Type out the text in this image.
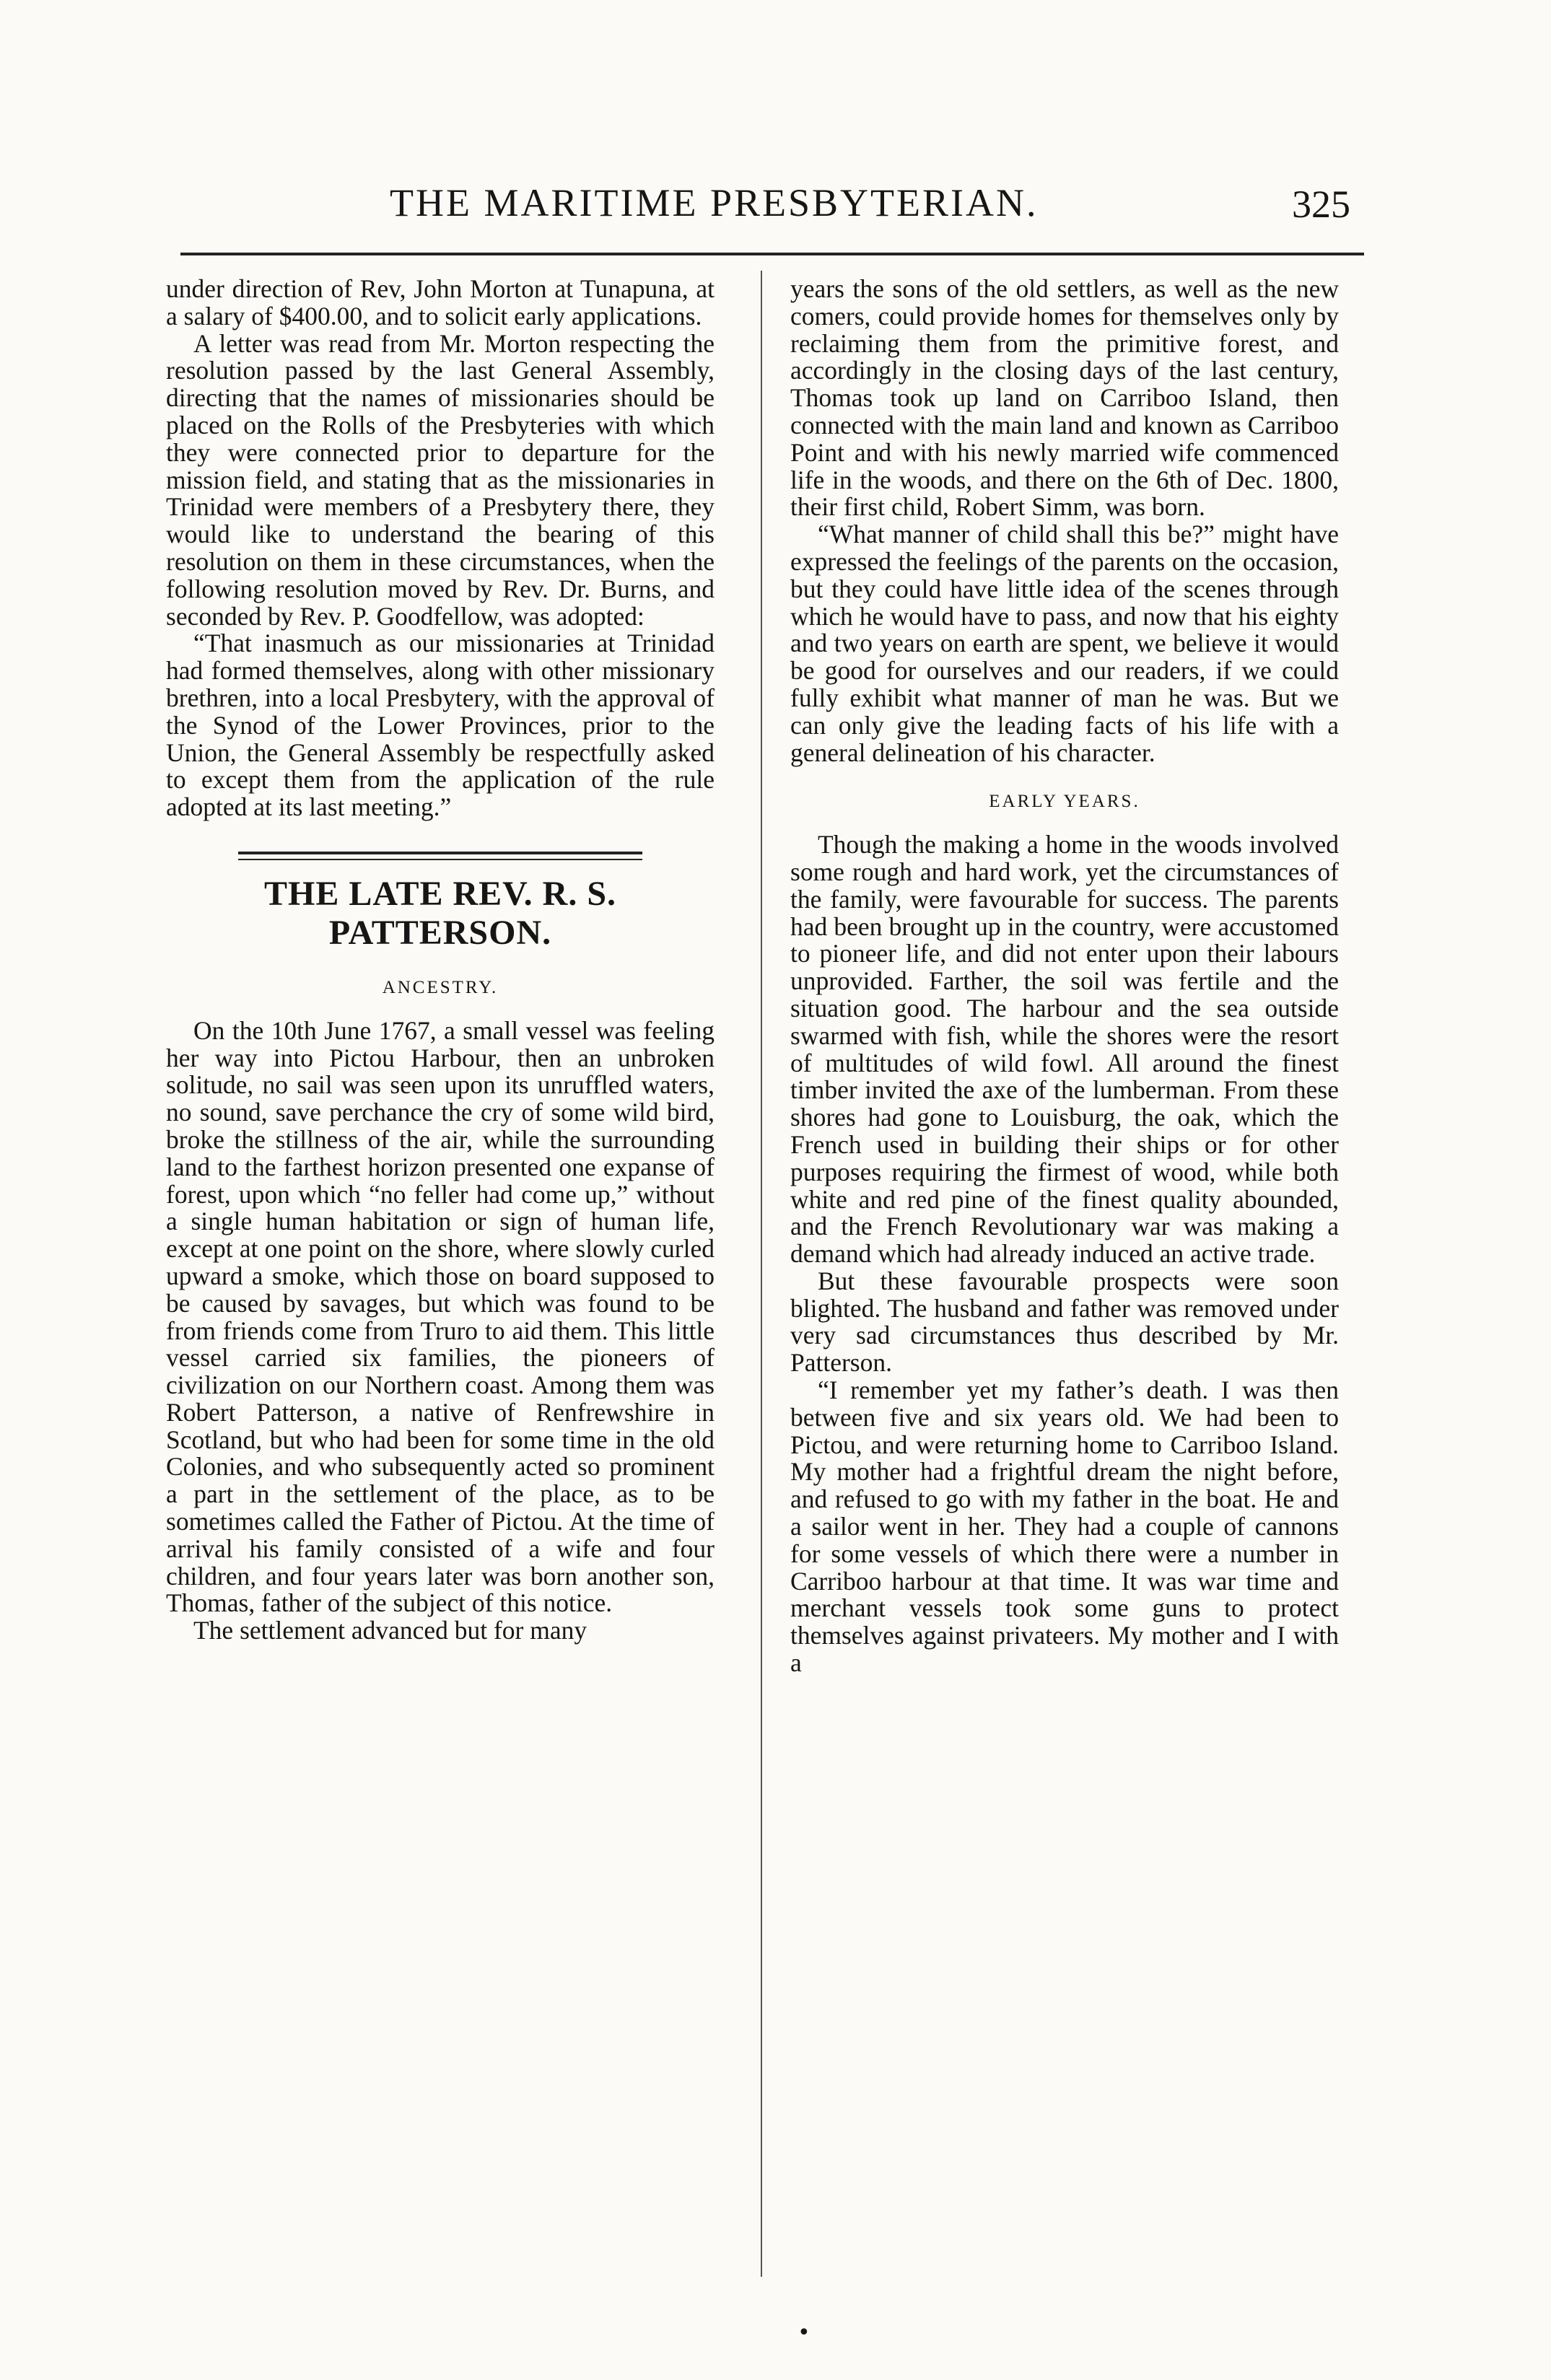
THE MARITIME PRESBYTERIAN.	325

under direction of Rev, John Morton at Tunapuna, at a salary of $400.00, and to solicit early applications.

A letter was read from Mr. Morton respecting the resolution passed by the last General Assembly, directing that the names of missionaries should be placed on the Rolls of the Presbyteries with which they were connected prior to departure for the mission field, and stating that as the missionaries in Trinidad were members of a Presbytery there, they would like to understand the bearing of this resolution on them in these circumstances, when the following resolution moved by Rev. Dr. Burns, and seconded by Rev. P. Goodfellow, was adopted:

“That inasmuch as our missionaries at Trinidad had formed themselves, along with other missionary brethren, into a local Presbytery, with the approval of the Synod of the Lower Provinces, prior to the Union, the General Assembly be respectfully asked to except them from the application of the rule adopted at its last meeting.”

THE LATE REV. R. S. PATTERSON.
ANCESTRY.

On the 10th June 1767, a small vessel was feeling her way into Pictou Harbour, then an unbroken solitude, no sail was seen upon its unruffled waters, no sound, save perchance the cry of some wild bird, broke the stillness of the air, while the surrounding land to the farthest horizon presented one expanse of forest, upon which “no feller had come up,” without a single human habitation or sign of human life, except at one point on the shore, where slowly curled upward a smoke, which those on board supposed to be caused by savages, but which was found to be from friends come from Truro to aid them. This little vessel carried six families, the pioneers of civilization on our Northern coast. Among them was Robert Patterson, a native of Renfrewshire in Scotland, but who had been for some time in the old Colonies, and who subsequently acted so prominent a part in the settlement of the place, as to be sometimes called the Father of Pictou. At the time of arrival his family consisted of a wife and four children, and four years later was born another son, Thomas, father of the subject of this notice.

The settlement advanced but for many

years the sons of the old settlers, as well as the new comers, could provide homes for themselves only by reclaiming them from the primitive forest, and accordingly in the closing days of the last century, Thomas took up land on Carriboo Island, then connected with the main land and known as Carriboo Point and with his newly married wife commenced life in the woods, and there on the 6th of Dec. 1800, their first child, Robert Simm, was born.

“What manner of child shall this be?” might have expressed the feelings of the parents on the occasion, but they could have little idea of the scenes through which he would have to pass, and now that his eighty and two years on earth are spent, we believe it would be good for ourselves and our readers, if we could fully exhibit what manner of man he was. But we can only give the leading facts of his life with a general delineation of his character.

EARLY YEARS.

Though the making a home in the woods involved some rough and hard work, yet the circumstances of the family, were favourable for success. The parents had been brought up in the country, were accustomed to pioneer life, and did not enter upon their labours unprovided. Farther, the soil was fertile and the situation good. The harbour and the sea outside swarmed with fish, while the shores were the resort of multitudes of wild fowl. All around the finest timber invited the axe of the lumberman. From these shores had gone to Louisburg, the oak, which the French used in building their ships or for other purposes requiring the firmest of wood, while both white and red pine of the finest quality abounded, and the French Revolutionary war was making a demand which had already induced an active trade.

But these favourable prospects were soon blighted. The husband and father was removed under very sad circumstances thus described by Mr. Patterson.

“I remember yet my father’s death. I was then between five and six years old. We had been to Pictou, and were returning home to Carriboo Island. My mother had a frightful dream the night before, and refused to go with my father in the boat. He and a sailor went in her. They had a couple of cannons for some vessels of which there were a number in Carriboo harbour at that time. It was war time and merchant vessels took some guns to protect themselves against privateers. My mother and I with a

•
